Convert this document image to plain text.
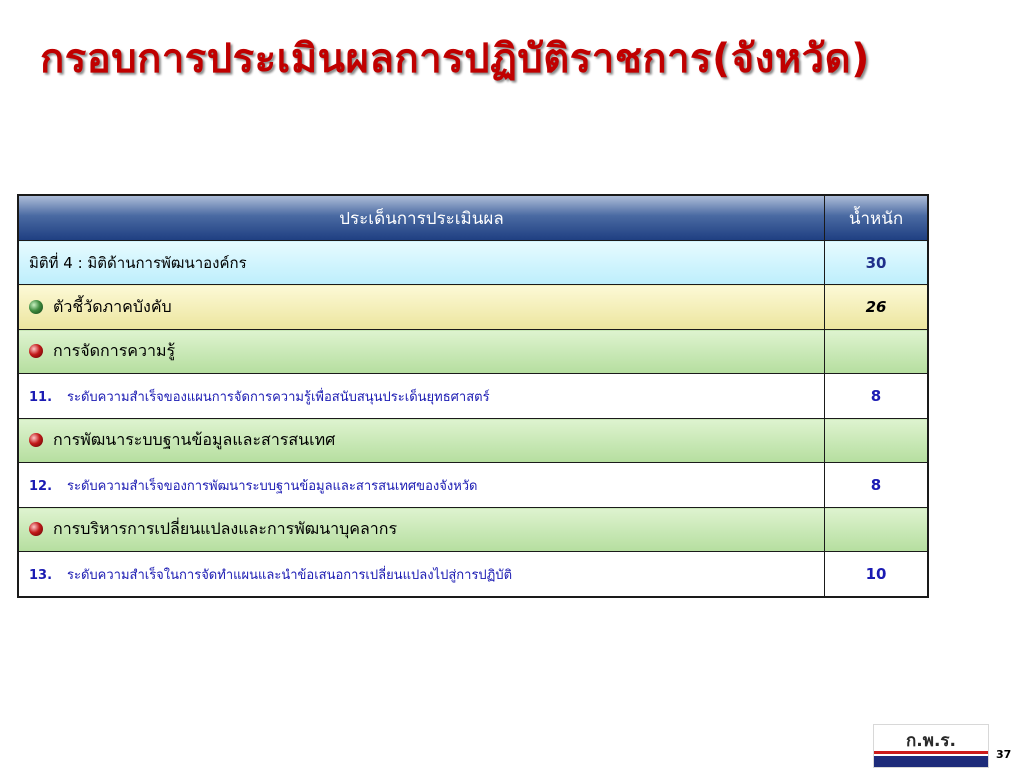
กรอบการประเมินผลการปฏิบัติราชการ(จังหวัด)
ประเด็นการประเมินผล	น้ำหนัก
มิติที่ 4 : มิติด้านการพัฒนาองค์กร	30
ตัวชี้วัดภาคบังคับ	26
การจัดการความรู้	
11. ระดับความสำเร็จของแผนการจัดการความรู้เพื่อสนับสนุนประเด็นยุทธศาสตร์	8
การพัฒนาระบบฐานข้อมูลและสารสนเทศ	
12. ระดับความสำเร็จของการพัฒนาระบบฐานข้อมูลและสารสนเทศของจังหวัด	8
การบริหารการเปลี่ยนแปลงและการพัฒนาบุคลากร	
13. ระดับความสำเร็จในการจัดทำแผนและนำข้อเสนอการเปลี่ยนแปลงไปสู่การปฏิบัติ	10
ก.พ.ร.
37
